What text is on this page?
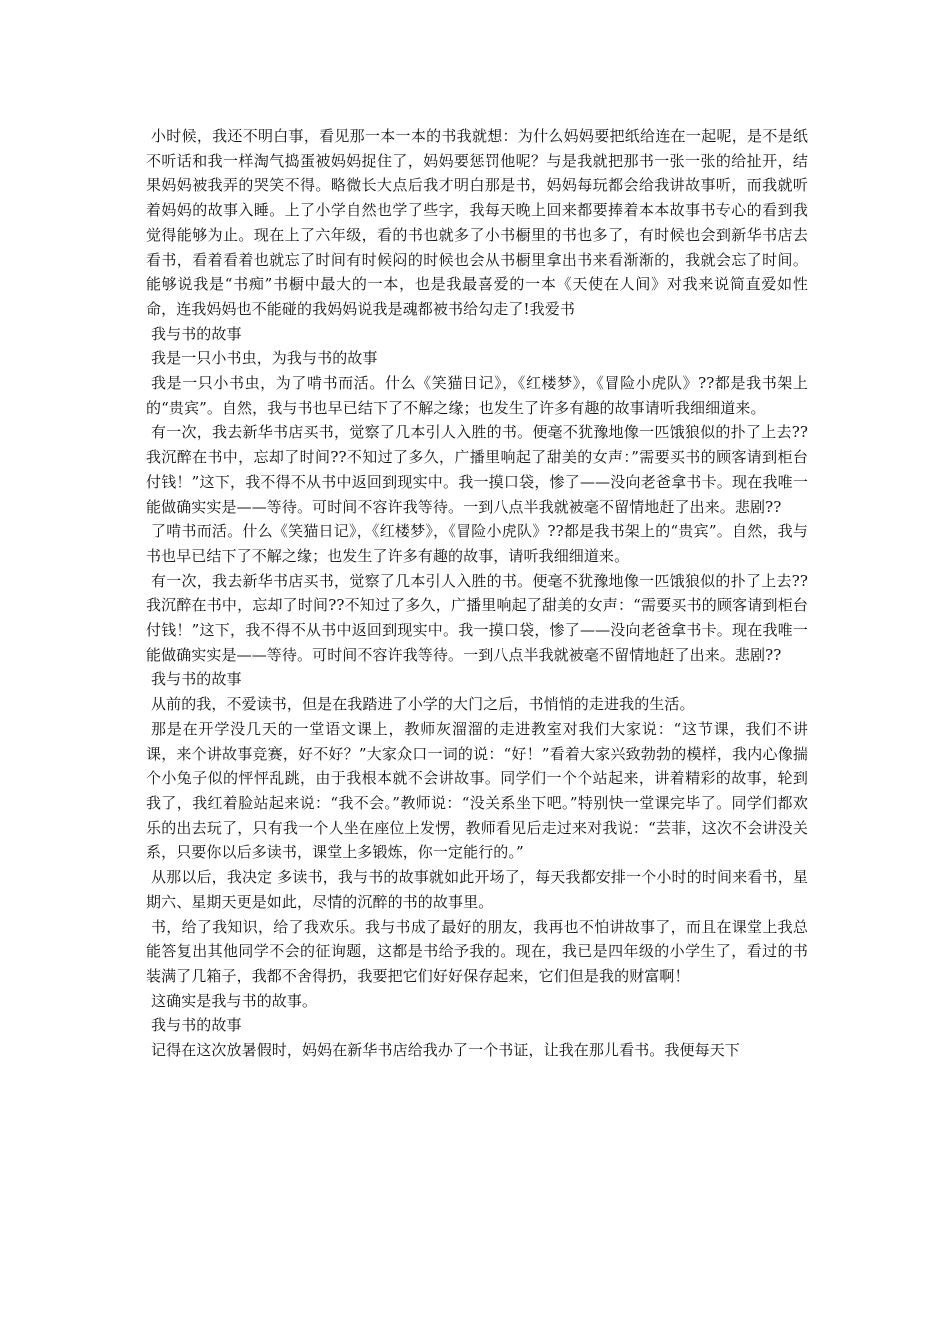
小时候，我还不明白事，看见那一本一本的书我就想：为什么妈妈要把纸给连在一起呢，是不是纸不听话和我一样淘气捣蛋被妈妈捉住了，妈妈要惩罚他呢？与是我就把那书一张一张的给扯开，结果妈妈被我弄的哭笑不得。略微长大点后我才明白那是书，妈妈每玩都会给我讲故事听，而我就听着妈妈的故事入睡。上了小学自然也学了些字，我每天晚上回来都要捧着本本故事书专心的看到我觉得能够为止。现在上了六年级，看的书也就多了小书橱里的书也多了，有时候也会到新华书店去看书，看着看着也就忘了时间有时候闷的时候也会从书橱里拿出书来看渐渐的，我就会忘了时间。能够说我是“书痴”书橱中最大的一本，也是我最喜爱的一本《天使在人间》对我来说简直爱如性命，连我妈妈也不能碰的我妈妈说我是魂都被书给勾走了!我爱书

我与书的故事

我是一只小书虫，为我与书的故事

我是一只小书虫，为了啃书而活。什么《笑猫日记》，《红楼梦》，《冒险小虎队》??都是我书架上的“贵宾”。自然，我与书也早已结下了不解之缘；也发生了许多有趣的故事请听我细细道来。

有一次，我去新华书店买书，觉察了几本引人入胜的书。便毫不犹豫地像一匹饿狼似的扑了上去??我沉醉在书中，忘却了时间??不知过了多久，广播里响起了甜美的女声：”需要买书的顾客请到柜台付钱！”这下，我不得不从书中返回到现实中。我一摸口袋，惨了——没向老爸拿书卡。现在我唯一能做确实实是——等待。可时间不容许我等待。一到八点半我就被毫不留情地赶了出来。悲剧??

了啃书而活。什么《笑猫日记》，《红楼梦》，《冒险小虎队》??都是我书架上的“贵宾”。自然，我与书也早已结下了不解之缘；也发生了许多有趣的故事，请听我细细道来。

有一次，我去新华书店买书，觉察了几本引人入胜的书。便毫不犹豫地像一匹饿狼似的扑了上去??我沉醉在书中，忘却了时间??不知过了多久，广播里响起了甜美的女声：“需要买书的顾客请到柜台付钱！”这下，我不得不从书中返回到现实中。我一摸口袋，惨了——没向老爸拿书卡。现在我唯一能做确实实是——等待。可时间不容许我等待。一到八点半我就被毫不留情地赶了出来。悲剧??

我与书的故事

从前的我，不爱读书，但是在我踏进了小学的大门之后，书悄悄的走进我的生活。

那是在开学没几天的一堂语文课上，教师灰溜溜的走进教室对我们大家说：“这节课，我们不讲课，来个讲故事竞赛，好不好？”大家众口一词的说：“好！”看着大家兴致勃勃的模样，我内心像揣个小兔子似的怦怦乱跳，由于我根本就不会讲故事。同学们一个个站起来，讲着精彩的故事，轮到我了，我红着脸站起来说：“我不会。”教师说：“没关系坐下吧。”特别快一堂课完毕了。同学们都欢乐的出去玩了，只有我一个人坐在座位上发愣，教师看见后走过来对我说：“芸菲，这次不会讲没关系，只要你以后多读书，课堂上多锻炼，你一定能行的。”

从那以后，我决定 多读书，我与书的故事就如此开场了，每天我都安排一个小时的时间来看书，星期六、星期天更是如此，尽情的沉醉的书的故事里。

书，给了我知识，给了我欢乐。我与书成了最好的朋友，我再也不怕讲故事了，而且在课堂上我总能答复出其他同学不会的征询题，这都是书给予我的。现在，我已是四年级的小学生了，看过的书装满了几箱子，我都不舍得扔，我要把它们好好保存起来，它们但是我的财富啊！

这确实是我与书的故事。

我与书的故事

记得在这次放暑假时，妈妈在新华书店给我办了一个书证，让我在那儿看书。我便每天下
